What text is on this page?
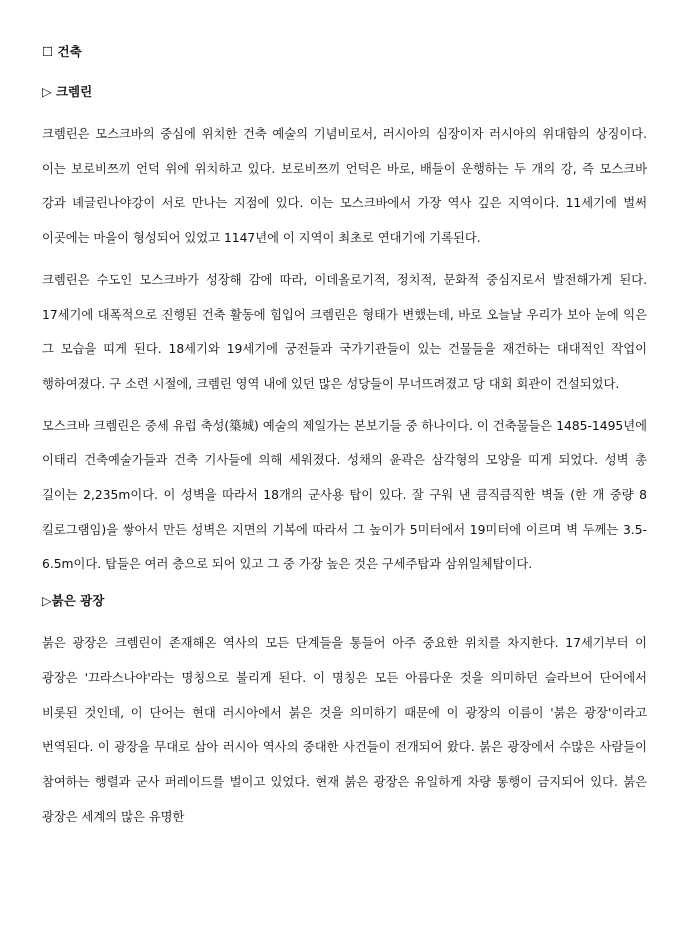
☐ 건축
▷ 크렘린

크렘린은 모스크바의 중심에 위치한 건축 예술의 기념비로서, 러시아의 심장이자 러시아의 위대함의 상징이다. 이는 보로비쯔끼 언덕 위에 위치하고 있다. 보로비쯔끼 언덕은 바로, 배들이 운행하는 두 개의 강, 즉 모스크바 강과 녜글린나야강이 서로 만나는 지점에 있다. 이는 모스크바에서 가장 역사 깊은 지역이다. 11세기에 벌써 이곳에는 마을이 형성되어 있었고 1147년에 이 지역이 최초로 연대기에 기록된다.

크렘린은 수도인 모스크바가 성장해 감에 따라, 이데올로기적, 정치적, 문화적 중심지로서 발전해가게 된다. 17세기에 대폭적으로 진행된 건축 활동에 힘입어 크렘린은 형태가 변했는데, 바로 오늘날 우리가 보아 눈에 익은 그 모습을 띠게 된다. 18세기와 19세기에 궁전들과 국가기관들이 있는 건물들을 재건하는 대대적인 작업이 행하여졌다. 구 소련 시절에, 크렘린 영역 내에 있던 많은 성당들이 무너뜨려졌고 당 대회 회관이 건설되었다.

모스크바 크렘린은 중세 유럽 축성(築城) 예술의 제일가는 본보기들 중 하나이다. 이 건축물들은 1485-1495년에 이태리 건축예술가들과 건축 기사들에 의해 세워졌다. 성채의 윤곽은 삼각형의 모양을 띠게 되었다. 성벽 총 길이는 2,235m이다. 이 성벽을 따라서 18개의 군사용 탑이 있다. 잘 구워 낸 큼직큼직한 벽돌 (한 개 중량 8 킬로그램임)을 쌓아서 만든 성벽은 지면의 기복에 따라서 그 높이가 5미터에서 19미터에 이르며 벽 두께는 3.5-6.5m이다. 탑들은 여러 층으로 되어 있고 그 중 가장 높은 것은 구세주탑과 삼위일체탑이다.

▷붉은 광장

붉은 광장은 크렘린이 존재해온 역사의 모든 단계들을 통들어 아주 중요한 위치를 차지한다. 17세기부터 이 광장은 '끄라스나야'라는 명칭으로 불리게 된다. 이 명칭은 모든 아름다운 것을 의미하던 슬라브어 단어에서 비롯된 것인데, 이 단어는 현대 러시아에서 붉은 것을 의미하기 때문에 이 광장의 이름이 '붉은 광장'이라고 번역된다. 이 광장을 무대로 삼아 러시아 역사의 중대한 사건들이 전개되어 왔다. 붉은 광장에서 수많은 사람들이 참여하는 행렬과 군사 퍼레이드를 벌이고 있었다. 현재 붉은 광장은 유일하게 차량 통행이 금지되어 있다. 붉은 광장은 세계의 많은 유명한
